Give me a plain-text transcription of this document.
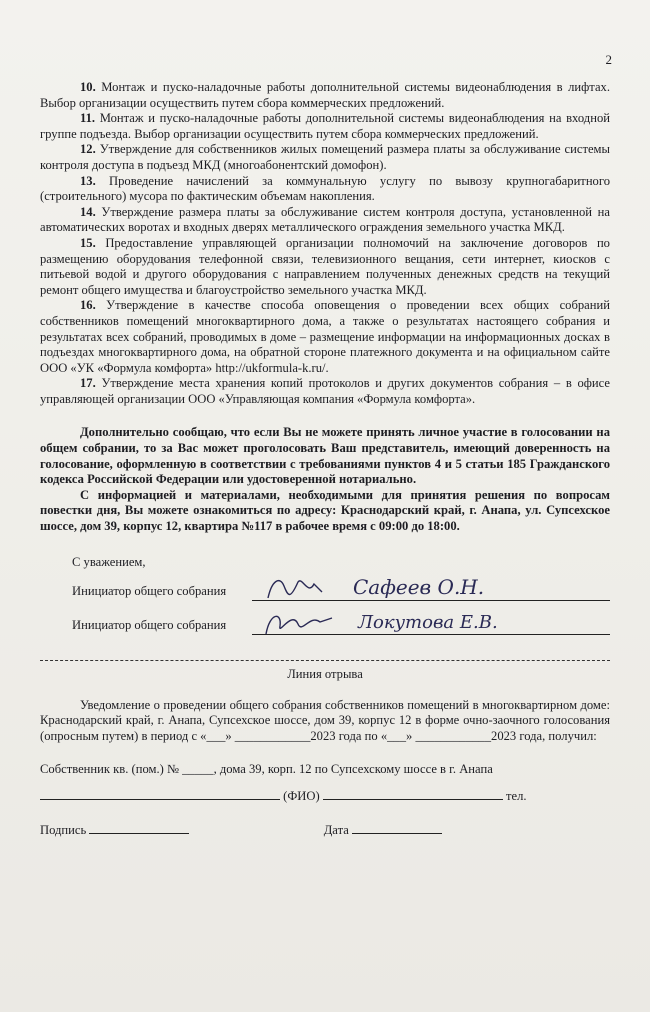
2

10. Монтаж и пуско-наладочные работы дополнительной системы видеонаблюдения в лифтах. Выбор организации осуществить путем сбора коммерческих предложений.

11. Монтаж и пуско-наладочные работы дополнительной системы видеонаблюдения на входной группе подъезда. Выбор организации осуществить путем сбора коммерческих предложений.

12. Утверждение для собственников жилых помещений размера платы за обслуживание системы контроля доступа в подъезд МКД (многоабонентский домофон).

13. Проведение начислений за коммунальную услугу по вывозу крупногабаритного (строительного) мусора по фактическим объемам накопления.

14. Утверждение размера платы за обслуживание систем контроля доступа, установленной на автоматических воротах и входных дверях металлического ограждения земельного участка МКД.

15. Предоставление управляющей организации полномочий на заключение договоров по размещению оборудования телефонной связи, телевизионного вещания, сети интернет, киосков с питьевой водой и другого оборудования с направлением полученных денежных средств на текущий ремонт общего имущества и благоустройство земельного участка МКД.

16. Утверждение в качестве способа оповещения о проведении всех общих собраний собственников помещений многоквартирного дома, а также о результатах настоящего собрания и результатах всех собраний, проводимых в доме – размещение информации на информационных досках в подъездах многоквартирного дома, на обратной стороне платежного документа и на официальном сайте ООО «УК «Формула комфорта» http://ukformula-k.ru/.

17. Утверждение места хранения копий протоколов и других документов собрания – в офисе управляющей организации ООО «Управляющая компания «Формула комфорта».

Дополнительно сообщаю, что если Вы не можете принять личное участие в голосовании на общем собрании, то за Вас может проголосовать Ваш представитель, имеющий доверенность на голосование, оформленную в соответствии с требованиями пунктов 4 и 5 статьи 185 Гражданского кодекса Российской Федерации или удостоверенной нотариально.

С информацией и материалами, необходимыми для принятия решения по вопросам повестки дня, Вы можете ознакомиться по адресу: Краснодарский край, г. Анапа, ул. Супсехское шоссе, дом 39, корпус 12, квартира №117 в рабочее время с 09:00 до 18:00.

С уважением,
Инициатор общего собрания	Сафеев О.Н.
Инициатор общего собрания	Локутова Е.В.
Линия отрыва
Уведомление о проведении общего собрания собственников помещений в многоквартирном доме: Краснодарский край, г. Анапа, Супсехское шоссе, дом 39, корпус 12 в форме очно-заочного голосования (опросным путем) в период с «___» ____________2023 года по «___» ____________2023 года, получил:
Собственник кв. (пом.) № _____, дома 39, корп. 12 по Супсехскому шоссе в г. Анапа
(ФИО)	тел.
Подпись	Дата
